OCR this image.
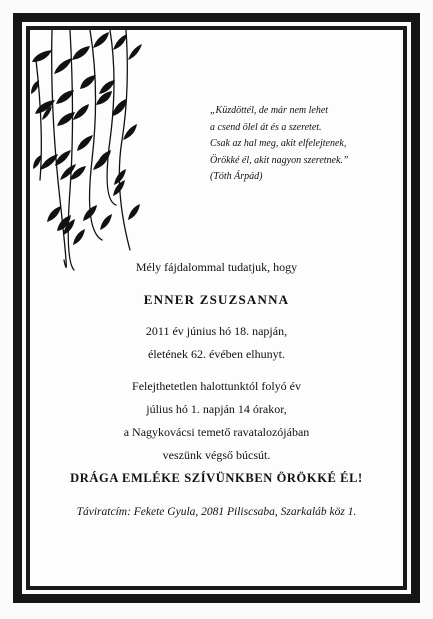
„Küzdöttél, de már nem lehet
a csend ölel át és a szeretet.
Csak az hal meg, akit elfelejtenek,
Örökké él, akit nagyon szeretnek.”
(Tóth Árpád)
Mély fájdalommal tudatjuk, hogy
ENNER ZSUZSANNA
2011 év június hó 18. napján,
életének 62. évében elhunyt.
Felejthetetlen halottunktól folyó év
július hó 1. napján 14 órakor,
a Nagykovácsi temető ravatalozójában
veszünk végső búcsút.
DRÁGA EMLÉKE SZÍVÜNKBEN ÖRÖKKÉ ÉL!
Táviratcím: Fekete Gyula, 2081 Piliscsaba, Szarkaláb köz 1.
